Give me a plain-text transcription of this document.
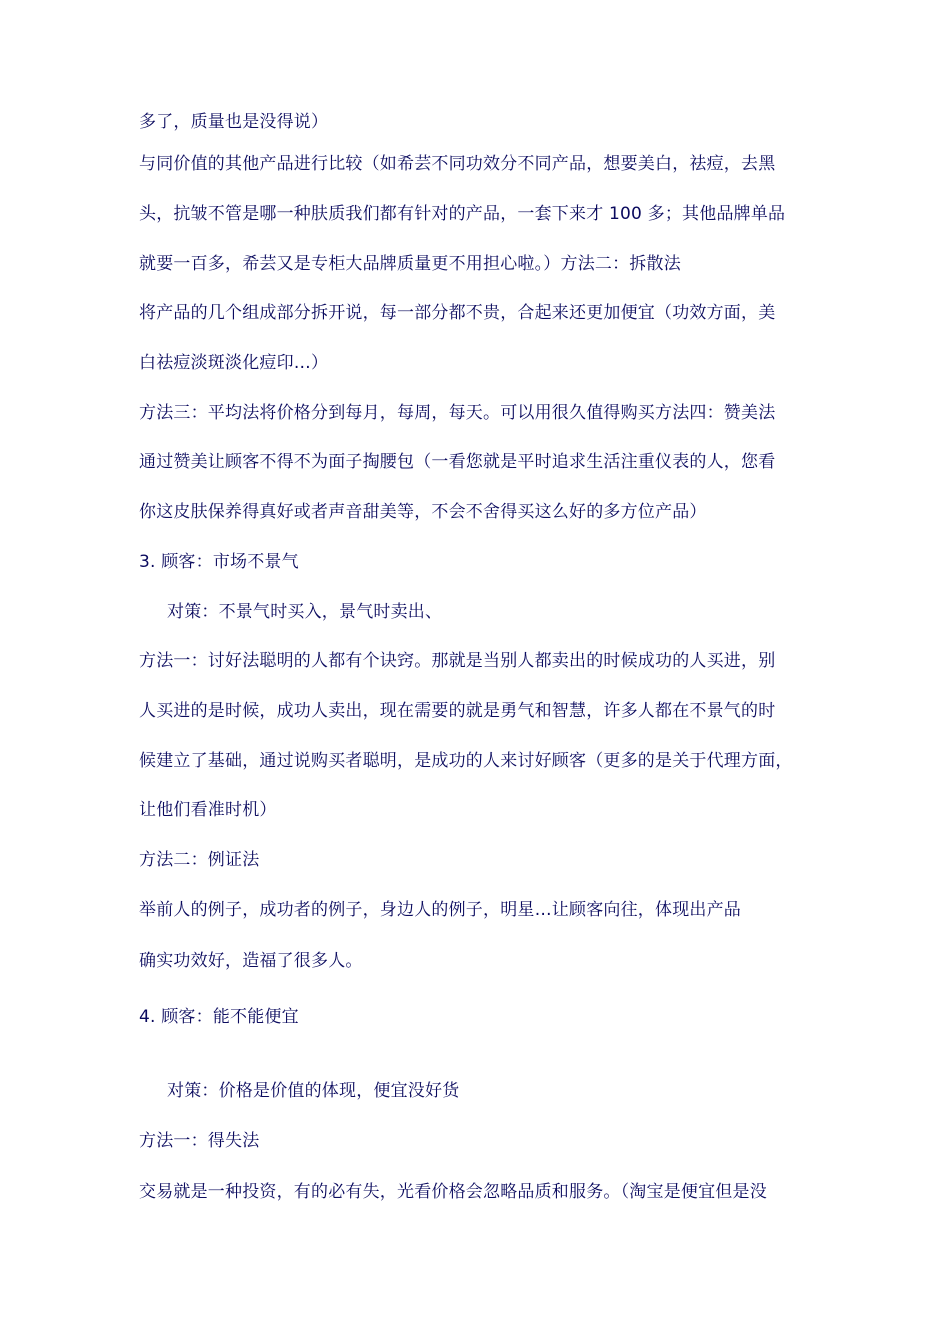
多了，质量也是没得说）

与同价值的其他产品进行比较（如希芸不同功效分不同产品，想要美白，祛痘，去黑

头，抗皱不管是哪一种肤质我们都有针对的产品，一套下来才 100 多；其他品牌单品

就要一百多，希芸又是专柜大品牌质量更不用担心啦。）方法二：拆散法

将产品的几个组成部分拆开说，每一部分都不贵，合起来还更加便宜（功效方面，美

白祛痘淡斑淡化痘印…）

方法三：平均法将价格分到每月，每周，每天。可以用很久值得购买方法四：赞美法

通过赞美让顾客不得不为面子掏腰包（一看您就是平时追求生活注重仪表的人，您看

你这皮肤保养得真好或者声音甜美等，不会不舍得买这么好的多方位产品）

3. 顾客：市场不景气

对策：不景气时买入，景气时卖出、

方法一：讨好法聪明的人都有个诀窍。那就是当别人都卖出的时候成功的人买进，别

人买进的是时候，成功人卖出，现在需要的就是勇气和智慧，许多人都在不景气的时

候建立了基础，通过说购买者聪明，是成功的人来讨好顾客（更多的是关于代理方面，

让他们看准时机）

方法二：例证法

举前人的例子，成功者的例子，身边人的例子，明星…让顾客向往，体现出产品

确实功效好，造福了很多人。

4. 顾客：能不能便宜

对策：价格是价值的体现，便宜没好货

方法一：得失法

交易就是一种投资，有的必有失，光看价格会忽略品质和服务。（淘宝是便宜但是没
